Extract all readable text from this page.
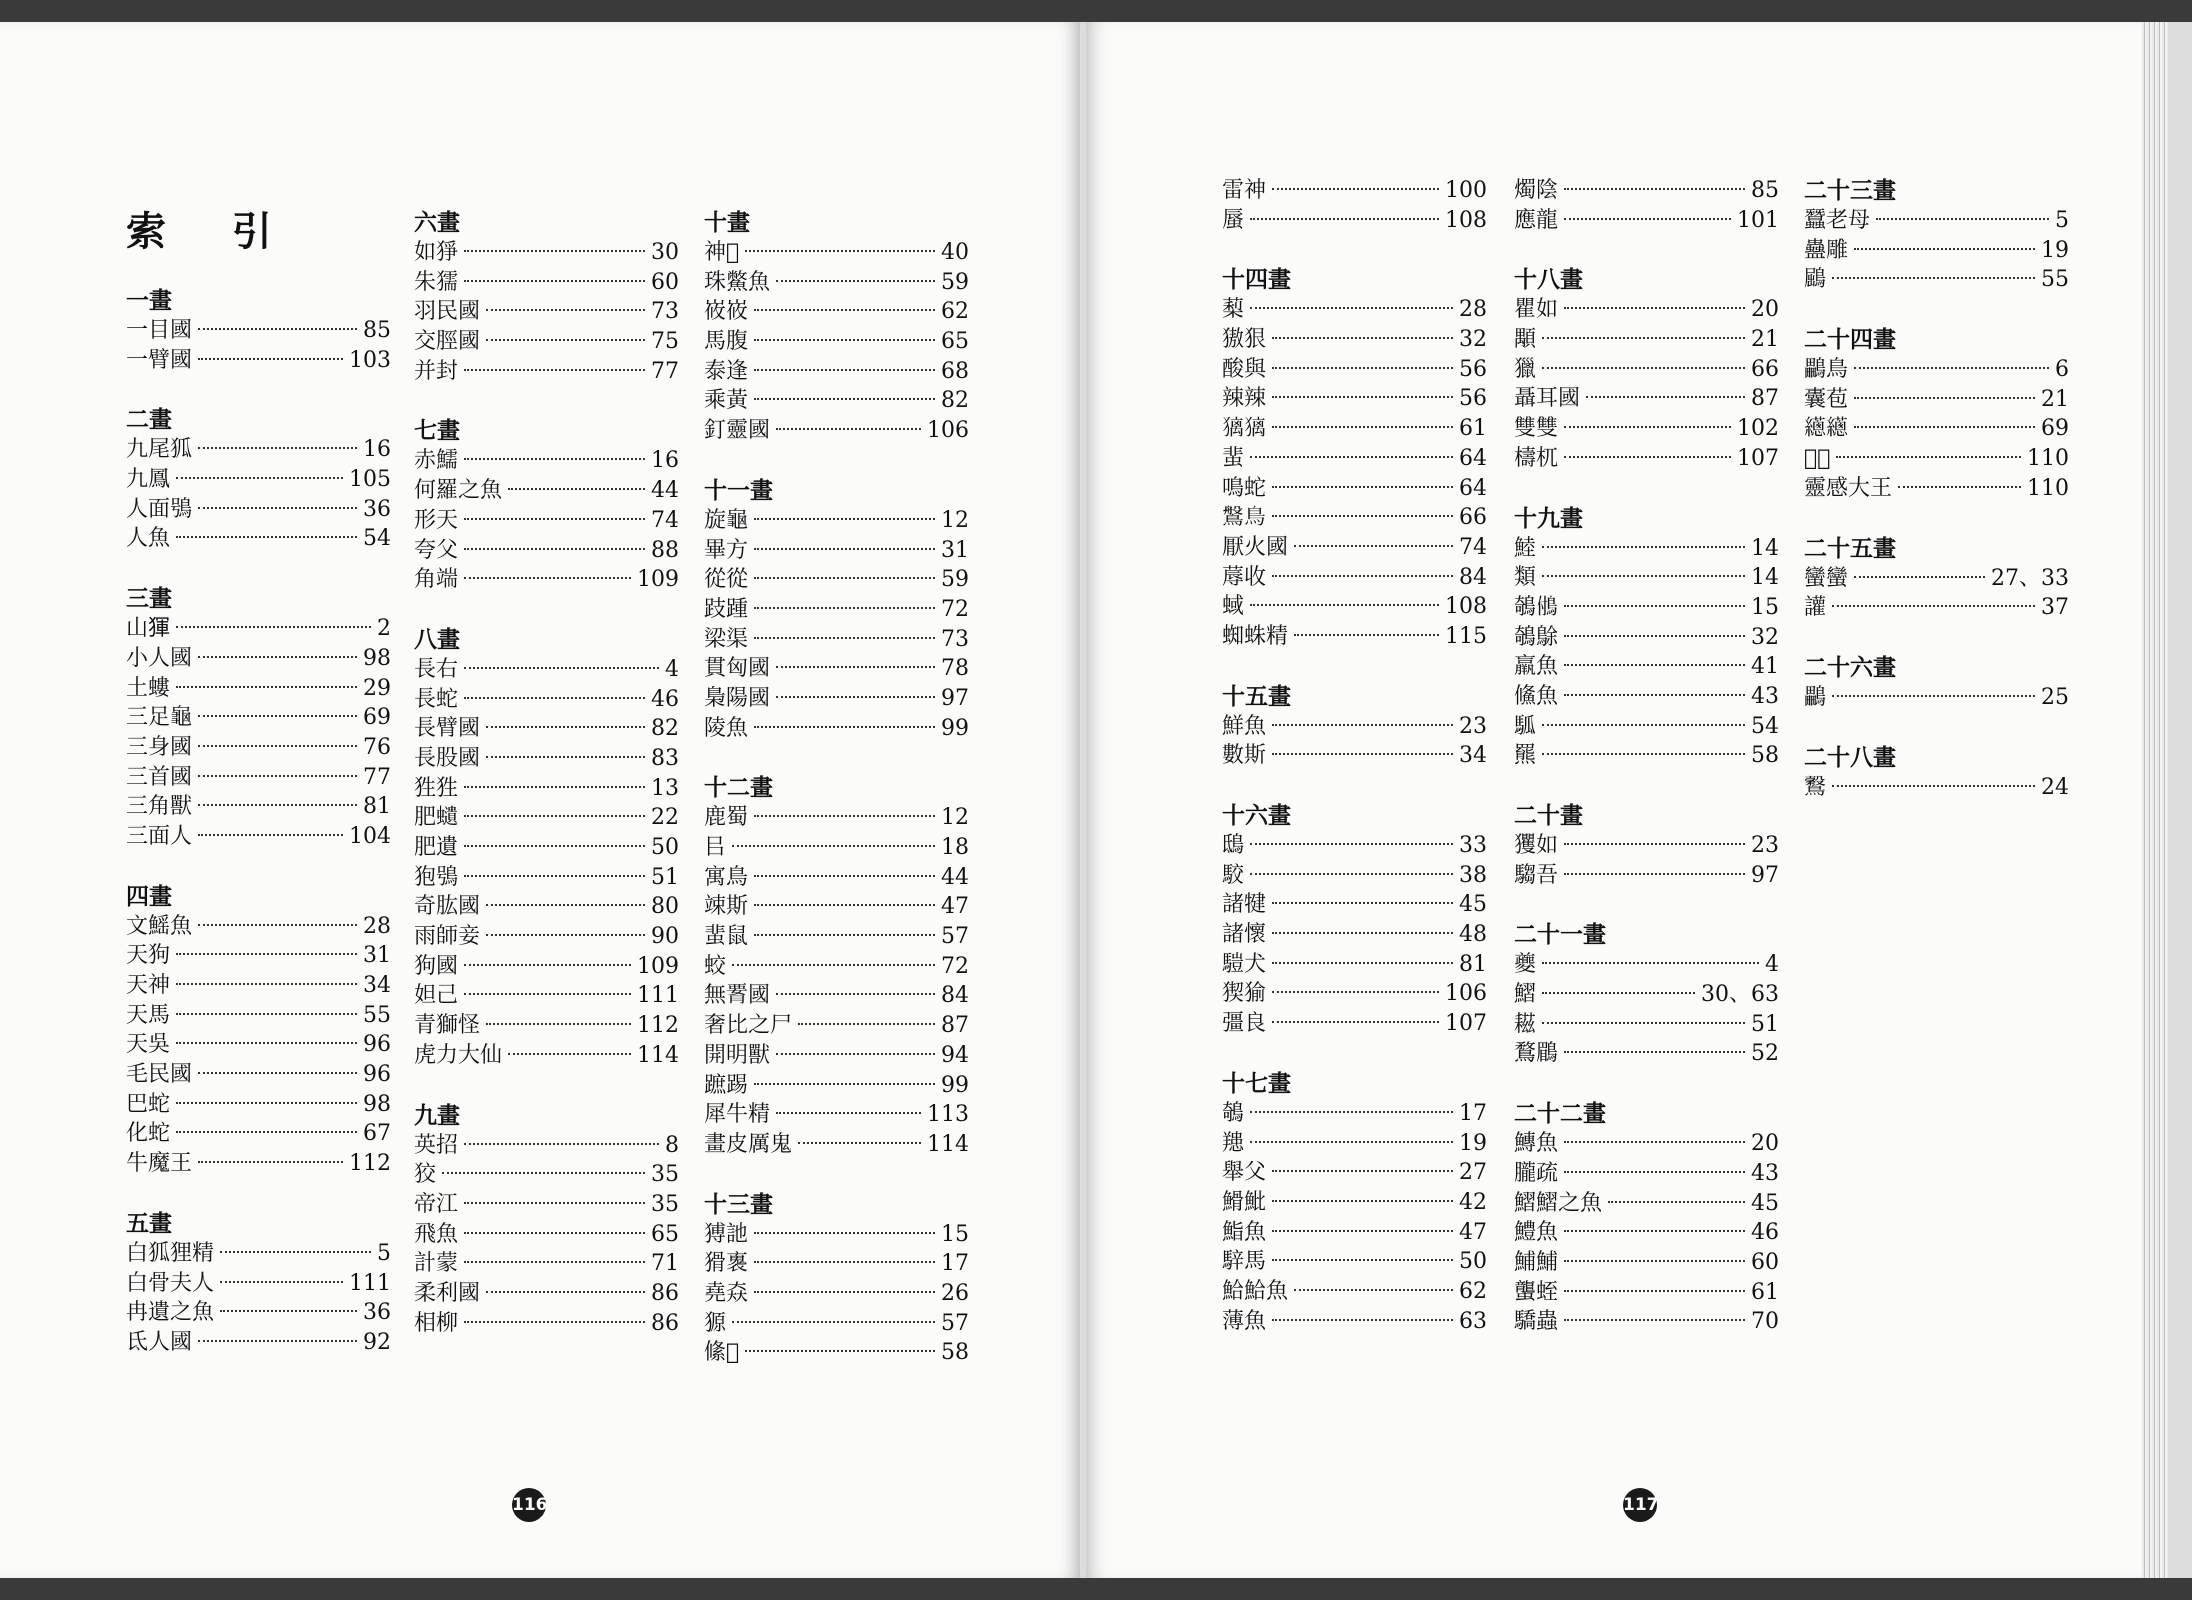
索 引
一畫
一目國	85
一臂國	103
二畫
九尾狐	16
九鳳	105
人面鴞	36
人魚	54
三畫
山𤟤	2
小人國	98
土螻	29
三足龜	69
三身國	76
三首國	77
三角獸	81
三面人	104
四畫
文鰩魚	28
天狗	31
天神	34
天馬	55
天吳	96
毛民國	96
巴蛇	98
化蛇	67
牛魔王	112
五畫
白狐狸精	5
白骨夫人	111
冉遺之魚	36
氐人國	92
六畫
如猙	30
朱獳	60
羽民國	73
交脛國	75
并封	77
七畫
赤鱬	16
何羅之魚	44
形天	74
夸父	88
角端	109
八畫
長右	4
長蛇	46
長臂國	82
長股國	83
狌狌	13
肥𧔥	22
肥遺	50
狍鴞	51
奇肱國	80
雨師妾	90
狗國	109
妲己	111
青獅怪	112
虎力大仙	114
九畫
英招	8
狡	35
帝江	35
飛魚	65
計蒙	71
柔利國	86
相柳	86
十畫
神𩲸	40
珠鱉魚	59
峳峳	62
馬腹	65
泰逢	68
乘黃	82
釘靈國	106
十一畫
旋龜	12
畢方	31
從從	59
跂踵	72
梁渠	73
貫匈國	78
梟陽國	97
陵魚	99
十二畫
鹿蜀	12
㠯	18
寓鳥	44
竦斯	47
蜚鼠	57
蛟	72
無𦝫國	84
奢比之尸	87
開明獸	94
蹠踢	99
犀牛精	113
畫皮厲鬼	114
十三畫
猼訑	15
猾褢	17
堯𡘙	26
獂	57
絛𤊝	58
116
雷神	100
蜃	108
十四畫
䔧	28
獓狠	32
酸與	56
辣辣	56
𤡢𤡢	61
蜚	64
鳴蛇	64
𪄀鳥	66
厭火國	74
蓐收	84
蜮	108
蜘蛛精	115
十五畫
鮮魚	23
數斯	34
十六畫
鴟	33
駮	38
諸犍	45
諸懷	48
𩥉犬	81
猰㺄	106
彊良	107
十七畫
鵸	17
䍺	19
舉父	27
䱻魮	42
鮨魚	47
騂馬	50
鮯鮯魚	62
薄魚	63
燭陰	85
應龍	101
十八畫
瞿如	20
顒	21
獵	66
聶耳國	87
雙雙	102
檮杌	107
十九畫
鯥	14
類	14
鵸𩿧	15
鵸鵌	32
羸魚	41
鯈魚	43
𩢍	54
羆	58
二十畫
玃如	23
騶吾	97
二十一畫
夔	4
鰼	30、63
𦔒	51
鶩鶥	52
二十二畫
鱄魚	20
朧疏	43
鰼鰼之魚	45
鱧魚	46
鯆鯆	60
蠪蛭	61
驕蟲	70
二十三畫
蠶老母	5
蠱雕	19
鶌	55
二十四畫
鸓鳥	6
囊苞	21
𦇎𦇎	69
𩣬馬	110
靈感大王	110
二十五畫
蠻蠻	27、33
讙	37
二十六畫
鸓	25
二十八畫
𪇗	24
117
